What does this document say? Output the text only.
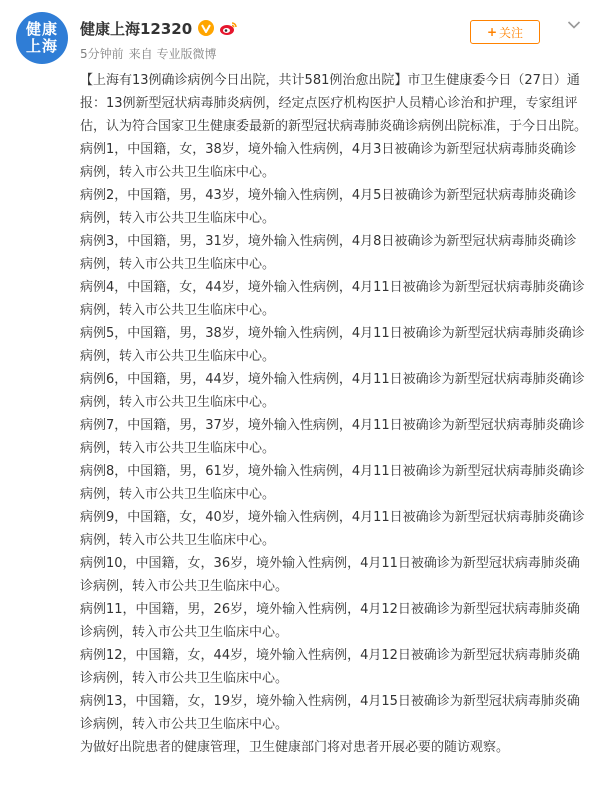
健康
上海
健康上海12320
5分钟前 来自 专业版微博
+ 关注

【上海有13例确诊病例今日出院，共计581例治愈出院】市卫生健康委今日（27日）通报：13例新型冠状病毒肺炎病例，经定点医疗机构医护人员精心诊治和护理，专家组评估，认为符合国家卫生健康委最新的新型冠状病毒肺炎确诊病例出院标准，于今日出院。

病例1，中国籍，女，38岁，境外输入性病例，4月3日被确诊为新型冠状病毒肺炎确诊病例，转入市公共卫生临床中心。

病例2，中国籍，男，43岁，境外输入性病例，4月5日被确诊为新型冠状病毒肺炎确诊病例，转入市公共卫生临床中心。

病例3，中国籍，男，31岁，境外输入性病例，4月8日被确诊为新型冠状病毒肺炎确诊病例，转入市公共卫生临床中心。

病例4，中国籍，女，44岁，境外输入性病例，4月11日被确诊为新型冠状病毒肺炎确诊病例，转入市公共卫生临床中心。

病例5，中国籍，男，38岁，境外输入性病例，4月11日被确诊为新型冠状病毒肺炎确诊病例，转入市公共卫生临床中心。

病例6，中国籍，男，44岁，境外输入性病例，4月11日被确诊为新型冠状病毒肺炎确诊病例，转入市公共卫生临床中心。

病例7，中国籍，男，37岁，境外输入性病例，4月11日被确诊为新型冠状病毒肺炎确诊病例，转入市公共卫生临床中心。

病例8，中国籍，男，61岁，境外输入性病例，4月11日被确诊为新型冠状病毒肺炎确诊病例，转入市公共卫生临床中心。

病例9，中国籍，女，40岁，境外输入性病例，4月11日被确诊为新型冠状病毒肺炎确诊病例，转入市公共卫生临床中心。

病例10，中国籍，女，36岁，境外输入性病例，4月11日被确诊为新型冠状病毒肺炎确诊病例，转入市公共卫生临床中心。

病例11，中国籍，男，26岁，境外输入性病例，4月12日被确诊为新型冠状病毒肺炎确诊病例，转入市公共卫生临床中心。

病例12，中国籍，女，44岁，境外输入性病例，4月12日被确诊为新型冠状病毒肺炎确诊病例，转入市公共卫生临床中心。

病例13，中国籍，女，19岁，境外输入性病例，4月15日被确诊为新型冠状病毒肺炎确诊病例，转入市公共卫生临床中心。

为做好出院患者的健康管理，卫生健康部门将对患者开展必要的随访观察。
